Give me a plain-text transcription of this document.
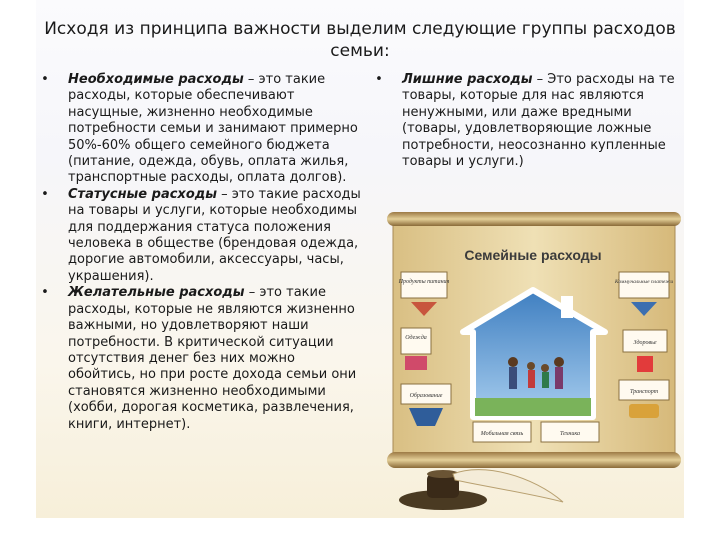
Исходя из принципа важности выделим следующие группы расходов
семьи:

•	Необходимые расходы – это такие расходы, которые обеспечивают насущные, жизненно необходимые потребности семьи и занимают примерно 50%-60% общего семейного бюджета (питание, одежда, обувь, оплата жилья, транспортные расходы, оплата долгов).

•	Статусные расходы – это такие расходы на товары и услуги, которые необходимы для поддержания статуса положения человека в обществе (брендовая одежда, дорогие автомобили, аксессуары, часы, украшения).

•	Желательные расходы – это такие расходы, которые не являются жизненно важными, но удовлетворяют наши потребности. В критической ситуации отсутствия денег без них можно обойтись, но при росте дохода семьи они становятся жизненно необходимыми (хобби, дорогая косметика, развлечения, книги, интернет).

•	Лишние расходы – Это расходы на те товары, которые для нас являются ненужными, или даже вредными (товары, удовлетворяющие ложные потребности, неосознанно купленные товары и услуги.)

Семейные расходы
Продукты питания	Коммунальные платежи
Одежда
Здоровье
Образование
Транспорт
Мобильная связь	Техника
